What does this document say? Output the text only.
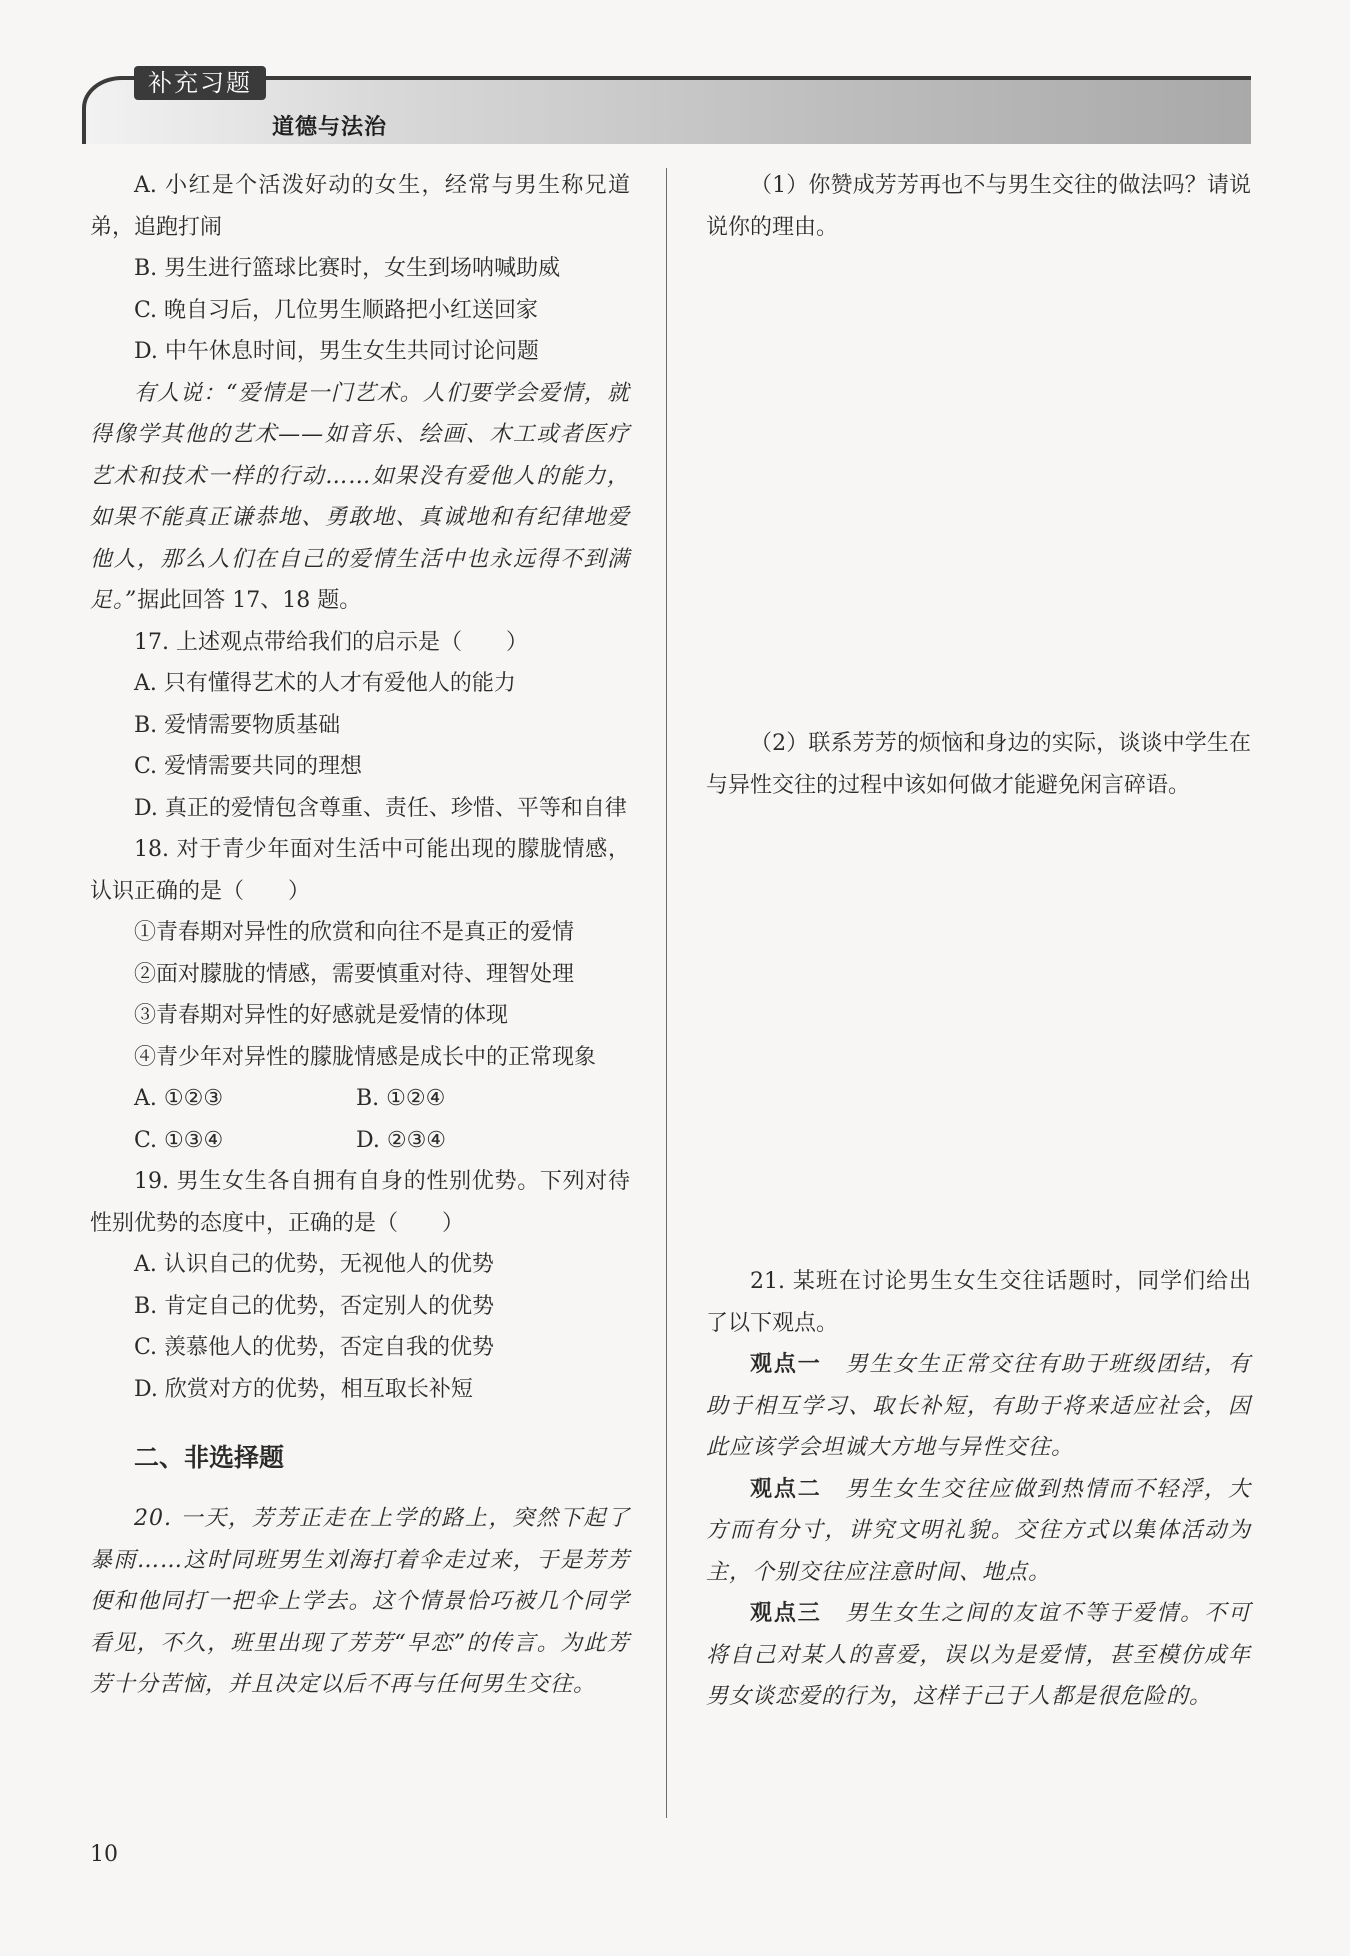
补充习题
道德与法治

A. 小红是个活泼好动的女生，经常与男生称兄道弟，追跑打闹

B. 男生进行篮球比赛时，女生到场呐喊助威

C. 晚自习后，几位男生顺路把小红送回家

D. 中午休息时间，男生女生共同讨论问题

有人说：“爱情是一门艺术。人们要学会爱情，就得像学其他的艺术——如音乐、绘画、木工或者医疗艺术和技术一样的行动……如果没有爱他人的能力，如果不能真正谦恭地、勇敢地、真诚地和有纪律地爱他人，那么人们在自己的爱情生活中也永远得不到满足。”据此回答 17、18 题。

17. 上述观点带给我们的启示是（　　）

A. 只有懂得艺术的人才有爱他人的能力

B. 爱情需要物质基础

C. 爱情需要共同的理想

D. 真正的爱情包含尊重、责任、珍惜、平等和自律

18. 对于青少年面对生活中可能出现的朦胧情感，认识正确的是（　　）

①青春期对异性的欣赏和向往不是真正的爱情

②面对朦胧的情感，需要慎重对待、理智处理

③青春期对异性的好感就是爱情的体现

④青少年对异性的朦胧情感是成长中的正常现象

A. ①②③	B. ①②④
C. ①③④	D. ②③④

19. 男生女生各自拥有自身的性别优势。下列对待性别优势的态度中，正确的是（　　）

A. 认识自己的优势，无视他人的优势

B. 肯定自己的优势，否定别人的优势

C. 羡慕他人的优势，否定自我的优势

D. 欣赏对方的优势，相互取长补短

二、非选择题

20. 一天，芳芳正走在上学的路上，突然下起了暴雨……这时同班男生刘海打着伞走过来，于是芳芳便和他同打一把伞上学去。这个情景恰巧被几个同学看见，不久，班里出现了芳芳“早恋”的传言。为此芳芳十分苦恼，并且决定以后不再与任何男生交往。

（1）你赞成芳芳再也不与男生交往的做法吗？请说说你的理由。

（2）联系芳芳的烦恼和身边的实际，谈谈中学生在与异性交往的过程中该如何做才能避免闲言碎语。

21. 某班在讨论男生女生交往话题时，同学们给出了以下观点。

观点一　 男生女生正常交往有助于班级团结，有助于相互学习、取长补短，有助于将来适应社会，因此应该学会坦诚大方地与异性交往。

观点二　 男生女生交往应做到热情而不轻浮，大方而有分寸，讲究文明礼貌。交往方式以集体活动为主，个别交往应注意时间、地点。

观点三　 男生女生之间的友谊不等于爱情。不可将自己对某人的喜爱，误以为是爱情，甚至模仿成年男女谈恋爱的行为，这样于己于人都是很危险的。

10
